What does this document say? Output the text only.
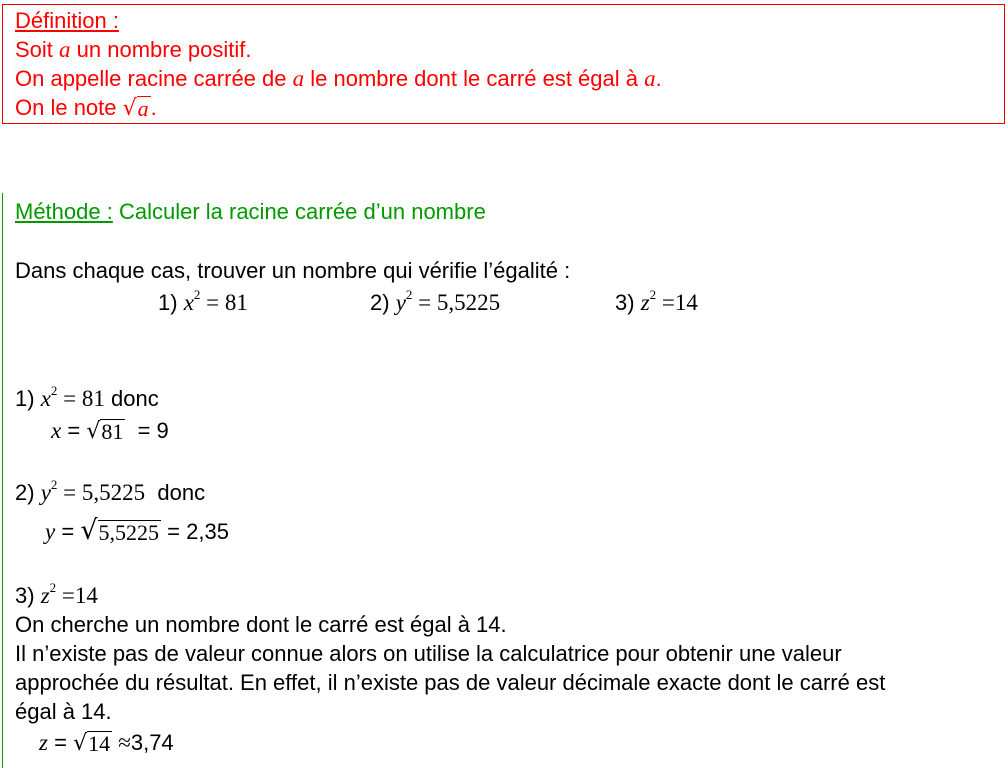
Définition :
Soit a un nombre positif.
On appelle racine carrée de a le nombre dont le carré est égal à a.
On le note √ a .
Méthode : Calculer la racine carrée d’un nombre
Dans chaque cas, trouver un nombre qui vérifie l’égalité :
1) $x^2 = 81$	2) $y^2 = 5,5225$	3) $z^2 =14$
1) $x^2 = 81$ donc
x = √ 81 = 9
2) $y^2 = 5,5225$ donc
y = √ 5,5225 = 2,35
3) $z^2 =14$
On cherche un nombre dont le carré est égal à 14.
Il n’existe pas de valeur connue alors on utilise la calculatrice pour obtenir une valeur
approchée du résultat. En effet, il n’existe pas de valeur décimale exacte dont le carré est
égal à 14.
z = √ 14 ≈3,74
